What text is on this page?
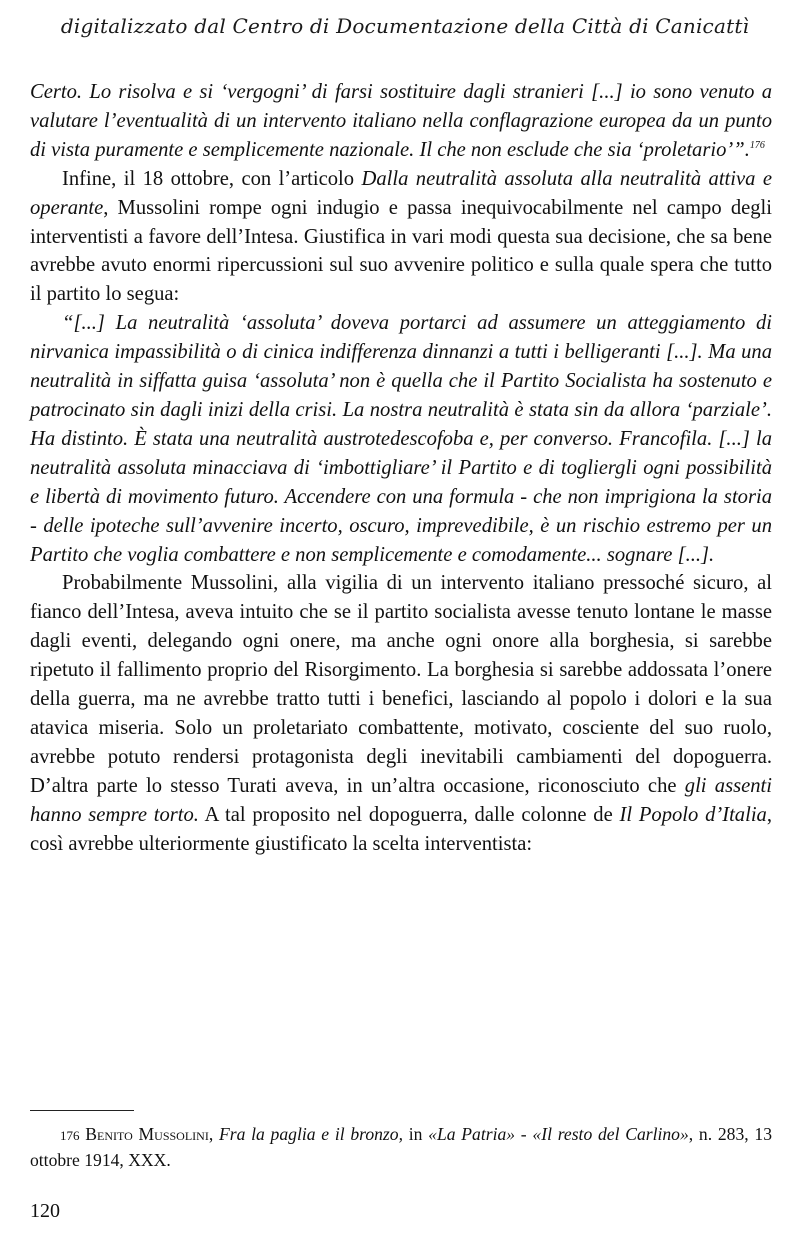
digitalizzato dal Centro di Documentazione della Città di Canicattì

Certo. Lo risolva e si ‘vergogni’ di farsi sostituire dagli stranieri [...] io sono venuto a valutare l’eventualità di un intervento italiano nella conflagrazione europea da un punto di vista puramente e semplicemente nazionale. Il che non esclude che sia ‘proletario’”.$^{176}$

Infine, il 18 ottobre, con l’articolo Dalla neutralità assoluta alla neutralità attiva e operante, Mussolini rompe ogni indugio e passa inequivocabilmente nel campo degli interventisti a favore dell’Intesa. Giustifica in vari modi questa sua decisione, che sa bene avrebbe avuto enormi ripercussioni sul suo avvenire politico e sulla quale spera che tutto il partito lo segua:

“[...] La neutralità ‘assoluta’ doveva portarci ad assumere un atteggiamento di nirvanica impassibilità o di cinica indifferenza dinnanzi a tutti i belligeranti [...]. Ma una neutralità in siffatta guisa ‘assoluta’ non è quella che il Partito Socialista ha sostenuto e patrocinato sin dagli inizi della crisi. La nostra neutralità è stata sin da allora ‘parziale’. Ha distinto. È stata una neutralità austrotedescofoba e, per converso. Francofila. [...] la neutralità assoluta minacciava di ‘imbottigliare’ il Partito e di togliergli ogni possibilità e libertà di movimento futuro. Accendere con una formula - che non imprigiona la storia - delle ipoteche sull’avvenire incerto, oscuro, imprevedibile, è un rischio estremo per un Partito che voglia combattere e non semplicemente e comodamente... sognare [...].

Probabilmente Mussolini, alla vigilia di un intervento italiano pressoché sicuro, al fianco dell’Intesa, aveva intuito che se il partito socialista avesse tenuto lontane le masse dagli eventi, delegando ogni onere, ma anche ogni onore alla borghesia, si sarebbe ripetuto il fallimento proprio del Risorgimento. La borghesia si sarebbe addossata l’onere della guerra, ma ne avrebbe tratto tutti i benefici, lasciando al popolo i dolori e la sua atavica miseria. Solo un proletariato combattente, motivato, cosciente del suo ruolo, avrebbe potuto rendersi protagonista degli inevitabili cambiamenti del dopoguerra. D’altra parte lo stesso Turati aveva, in un’altra occasione, riconosciuto che gli assenti hanno sempre torto. A tal proposito nel dopoguerra, dalle colonne de Il Popolo d’Italia, così avrebbe ulteriormente giustificato la scelta interventista:

176 Benito Mussolini, Fra la paglia e il bronzo, in «La Patria» - «Il resto del Carlino», n. 283, 13 ottobre 1914, XXX.
120
